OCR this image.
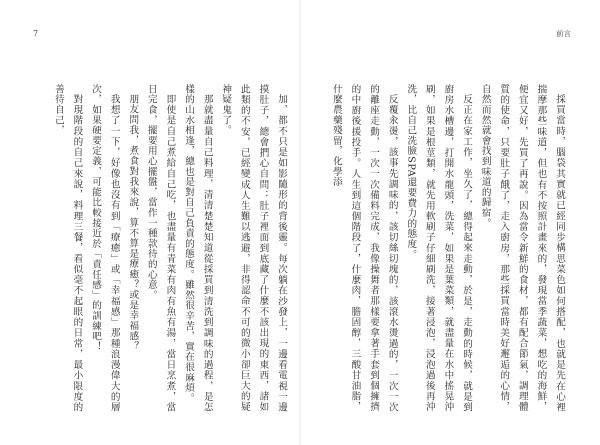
7

加，都不只是如影隨形的背後靈。每次躺在沙發上，一邊看電視一邊摸肚子，總會捫心自問：肚子裡面到底藏了什麼不該出現的東西，諸如此類的不安，已經變成人生難以逃避，非得認命不可的微小卻巨大的疑神疑鬼了。

那就盡量自己料理，清清楚楚知道從採買到清洗到調味的過程，是怎樣的山水相逢，總也是對自己負責的態度。雖然很辛苦，實在很麻煩。

即使是自己煮給自己吃，也盡量有青菜有肉有魚有湯，當日烹煮，當日完食，擺要用心擺盤，當作一種款待的心意。

朋友問我，煮食對我來說，算不算是療癒？或是幸福感？

我想了一下，好像也沒有到「療癒」或「幸福感」那種浪漫偉大的層次，如果硬要定義，可能比較接近於「責任感」的訓練吧！

對現階段的自己來說，料理三餐，看似毫不起眼的日常，最小限度的善待自己，

前言

採買當時，腦袋其實就已經同步構思菜色如何搭配，也就是先在心裡揣摩那些味道，但也有不按照計畫來的，發現當季蔬菜，想吃的海鮮，便宜又好，先買了再說。因為當令新鮮的食材，都有配合節氣，調理體質的使命，只要肚子餓了，走入廚房，那些採買當時美好邂逅的心情，自然而然就會找到味道的歸宿。

反正在家工作，坐久了，總得起來走動，於是，走動的時候，就是到廚房水槽邊，打開水龍頭，洗菜，如果是葉菜類，就盡量在水中搖晃沖刷，如果是根莖類，就先用軟刷子仔細刷洗，接著浸泡，浸泡過後再沖洗，比自己洗臉SPA還要費力的態度。

反覆汆燙，該事先調味的，該切絲切塊的，該滾水燙過的，一次一次的離座走動，一次一次備料完成，我像操舞者那樣要拿著手套到個擁擠的中廚後援投手。人生到這個階段了，什麼肉，膽固醇，三酸甘油脂，什麼農藥殘留，化學添
